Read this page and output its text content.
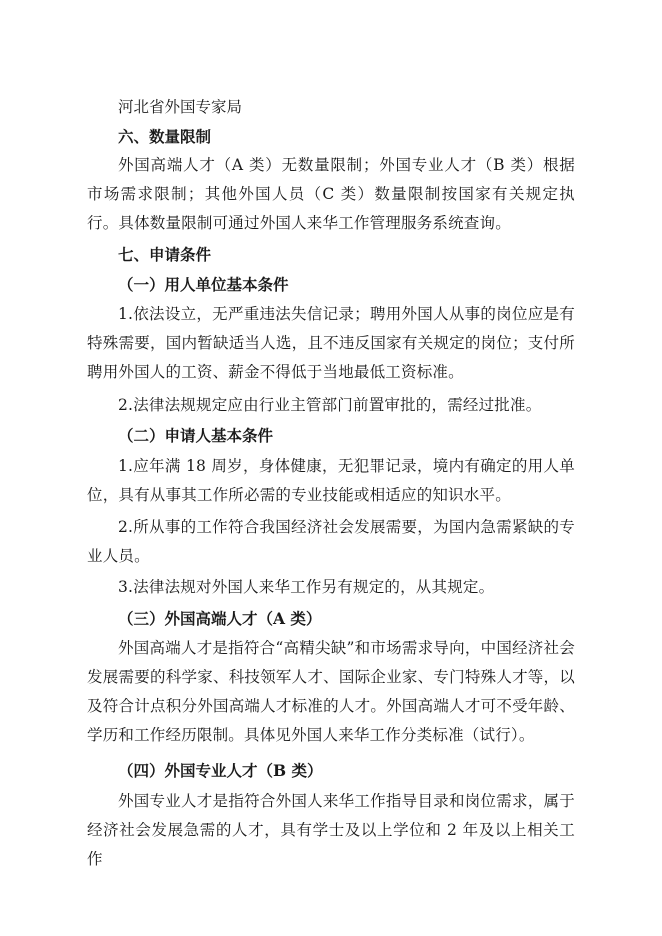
河北省外国专家局

六、数量限制

外国高端人才（A 类）无数量限制；外国专业人才（B 类）根据市场需求限制；其他外国人员（C 类）数量限制按国家有关规定执行。具体数量限制可通过外国人来华工作管理服务系统查询。

七、申请条件

（一）用人单位基本条件

1.依法设立，无严重违法失信记录；聘用外国人从事的岗位应是有特殊需要，国内暂缺适当人选，且不违反国家有关规定的岗位；支付所聘用外国人的工资、薪金不得低于当地最低工资标准。

2.法律法规规定应由行业主管部门前置审批的，需经过批准。

（二）申请人基本条件

1.应年满 18 周岁，身体健康，无犯罪记录，境内有确定的用人单位，具有从事其工作所必需的专业技能或相适应的知识水平。

2.所从事的工作符合我国经济社会发展需要，为国内急需紧缺的专业人员。

3.法律法规对外国人来华工作另有规定的，从其规定。

（三）外国高端人才（A 类）

外国高端人才是指符合“高精尖缺”和市场需求导向，中国经济社会发展需要的科学家、科技领军人才、国际企业家、专门特殊人才等，以及符合计点积分外国高端人才标准的人才。外国高端人才可不受年龄、学历和工作经历限制。具体见外国人来华工作分类标准（试行）。

（四）外国专业人才（B 类）

外国专业人才是指符合外国人来华工作指导目录和岗位需求，属于经济社会发展急需的人才，具有学士及以上学位和 2 年及以上相关工作
